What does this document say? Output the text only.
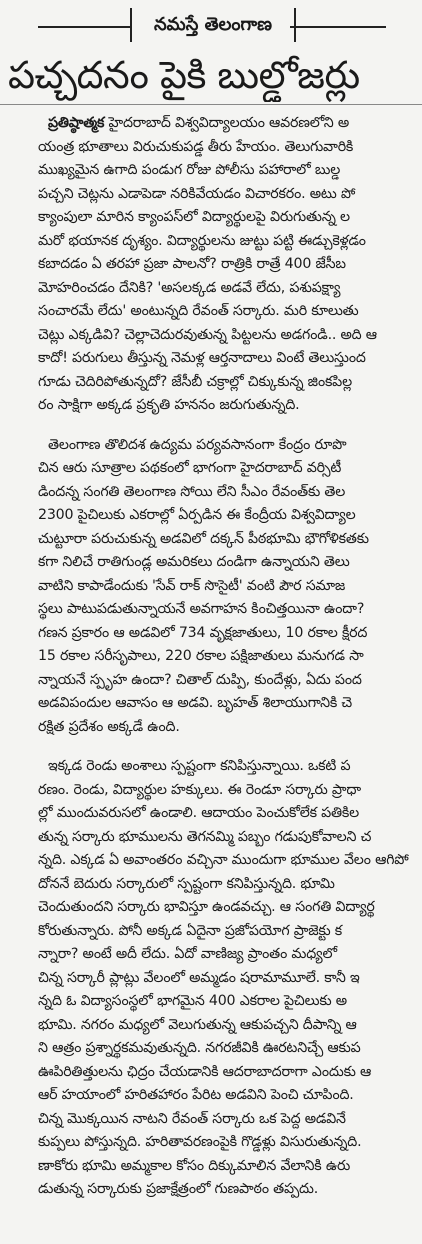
నమస్తే తెలంగాణ
పచ్చదనం పైకి బుల్డోజర్లు
ప్రతిష్ఠాత్మక హైదరాబాద్ విశ్వవిద్యాలయం ఆవరణలోని అ
యంత్ర భూతాలు విరుచుకుపడ్డ తీరు హేయం. తెలుగువారికి
ముఖ్యమైన ఉగాది పండుగ రోజు పోలీసు పహారాలో బుల్డ
పచ్చని చెట్లను ఎడాపెడా నరికివేయడం విచారకరం. అటు పో
క్యాంపులా మారిన క్యాంపస్‌లో విద్యార్థులపై విరుగుతున్న ల
మరో భయానక దృశ్యం. విద్యార్థులను జుట్టు పట్టి ఈడ్చుకెళ్లడం
కబాదడం ఏ తరహా ప్రజా పాలనో? రాత్రికి రాత్రే 400 జేసీబ
మోహరించడం దేనికి? 'అసలక్కడ అడవే లేదు, పశుపక్ష్యా
సంచారమే లేదు' అంటున్నది రేవంత్ సర్కారు. మరి కూలుతు
చెట్లు ఎక్కడివి? చెల్లాచెదురవుతున్న పిట్టలను అడగండి.. అది ఆ
కాదో! పరుగులు తీస్తున్న నెమళ్ల ఆర్తనాదాలు వింటే తెలుస్తుంద
గూడు చెదిరిపోతున్నదో? జేసీబీ చక్రాల్లో చిక్కుకున్న జింకపిల్ల
రం సాక్షిగా అక్కడ ప్రకృతి హననం జరుగుతున్నది.
తెలంగాణ తొలిదశ ఉద్యమ పర్యవసానంగా కేంద్రం రూపొ
చిన ఆరు సూత్రాల పథకంలో భాగంగా హైదరాబాద్ వర్సిటీ
డిందన్న సంగతి తెలంగాణ సోయి లేని సీఎం రేవంత్‌కు తెల
2300 పైచిలుకు ఎకరాల్లో ఏర్పడిన ఈ కేంద్రీయ విశ్వవిద్యాల
చుట్టూరా పరుచుకున్న అడవిలో దక్కన్ పీఠభూమి భౌగోళికతకు
కగా నిలిచే రాతిగుండ్ల అమరికలు దండిగా ఉన్నాయని తెలు
వాటిని కాపాడేందుకు 'సేవ్ రాక్ సొసైటీ' వంటి పౌర సమాజ
స్థలు పాటుపడుతున్నాయనే అవగాహన కించిత్తయినా ఉందా?
గణన ప్రకారం ఆ అడవిలో 734 వృక్షజాతులు, 10 రకాల క్షీరద
15 రకాల సరీసృపాలు, 220 రకాల పక్షిజాతులు మనుగడ సా
న్నాయనే స్పృహ ఉందా? చితాల్ దుప్పి, కుందేళ్లు, ఏదు పంద
అడవిపందుల ఆవాసం ఆ అడవి. బృహత్ శిలాయుగానికి చె
రక్షిత ప్రదేశం అక్కడే ఉంది.
ఇక్కడ రెండు అంశాలు స్పష్టంగా కనిపిస్తున్నాయి. ఒకటి ప
రణం. రెండు, విద్యార్థుల హక్కులు. ఈ రెండూ సర్కారు ప్రాధా
ల్లో ముందువరుసలో ఉండాలి. ఆదాయం పెంచుకోలేక పతికిల
తున్న సర్కారు భూములను తెగనమ్మి పబ్బం గడుపుకోవాలని చ
న్నది. ఎక్కడ ఏ అవాంతరం వచ్చినా ముందుగా భూముల వేలం ఆగిపో
దోననే బెదురు సర్కారులో స్పష్టంగా కనిపిస్తున్నది. భూమి
చెందుతుందని సర్కారు భావిస్తూ ఉండవచ్చు. ఆ సంగతి విద్యార్థ
కోరుతున్నారు. పోనీ అక్కడ ఏదైనా ప్రజోపయోగ ప్రాజెక్టు క
న్నారా? అంటే అదీ లేదు. ఏదో వాణిజ్య ప్రాంతం మధ్యలో
చిన్న సర్కారీ ప్లాట్లు వేలంలో అమ్మడం షరామామూలే. కానీ ఇ
న్నది ఓ విద్యాసంస్థలో భాగమైన 400 ఎకరాల పైచిలుకు అ
భూమి. నగరం మధ్యలో వెలుగుతున్న ఆకుపచ్చని దీపాన్ని ఆ
ని ఆత్రం ప్రశ్నార్థకమవుతున్నది. నగరజీవికి ఊరటనిచ్చే ఆకుప
ఊపిరితిత్తులను ఛిద్రం చేయడానికి ఆదరాబాదరాగా ఎందుకు ఆ
ఆర్ హయాంలో హరితహారం పేరిట అడవిని పెంచి చూపింది.
చిన్న మొక్కయిన నాటని రేవంత్ సర్కారు ఒక పెద్ద అడవినే
కుప్పలు పోస్తున్నది. హరితావరణంపైకి గొడ్డళ్లు విసురుతున్నది.
ణాకోరు భూమి అమ్మకాల కోసం దిక్కుమాలిన వేలానికి ఉరు
డుతున్న సర్కారుకు ప్రజాక్షేత్రంలో గుణపాఠం తప్పదు.
